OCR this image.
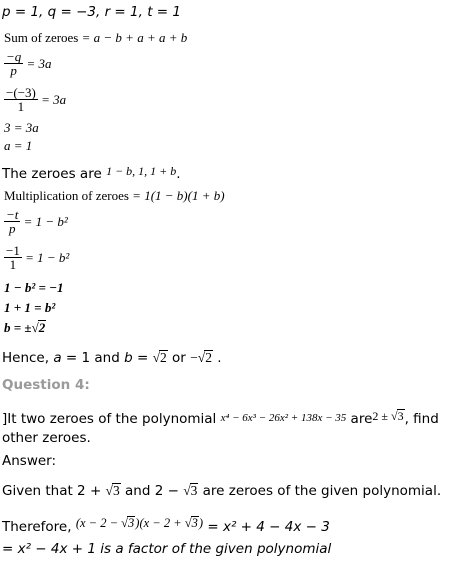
p = 1, q = −3, r = 1, t = 1
Sum of zeroes = a − b + a + a + b
$\frac{-q}{p} = 3a$
$\frac{-(-3)}{1} = 3a$
3 = 3a
a = 1
The zeroes are 1 − b, 1, 1 + b.
Multiplication of zeroes = 1(1 − b)(1 + b)
$\frac{-t}{p} = 1 - b^2$
$\frac{-1}{1} = 1 - b^2$
1 − b² = −1
1 + 1 = b²
b = ±√2
Hence, a = 1 and b = √2 or −√2 .
Question 4:
]It two zeroes of the polynomial x⁴ − 6x³ − 26x² + 138x − 35 are2 ± √3, find
other zeroes.
Answer:
Given that 2 + √3 and 2 − √3 are zeroes of the given polynomial.
Therefore, (x − 2 − √3)(x − 2 + √3) = x² + 4 − 4x − 3
= x² − 4x + 1 is a factor of the given polynomial
